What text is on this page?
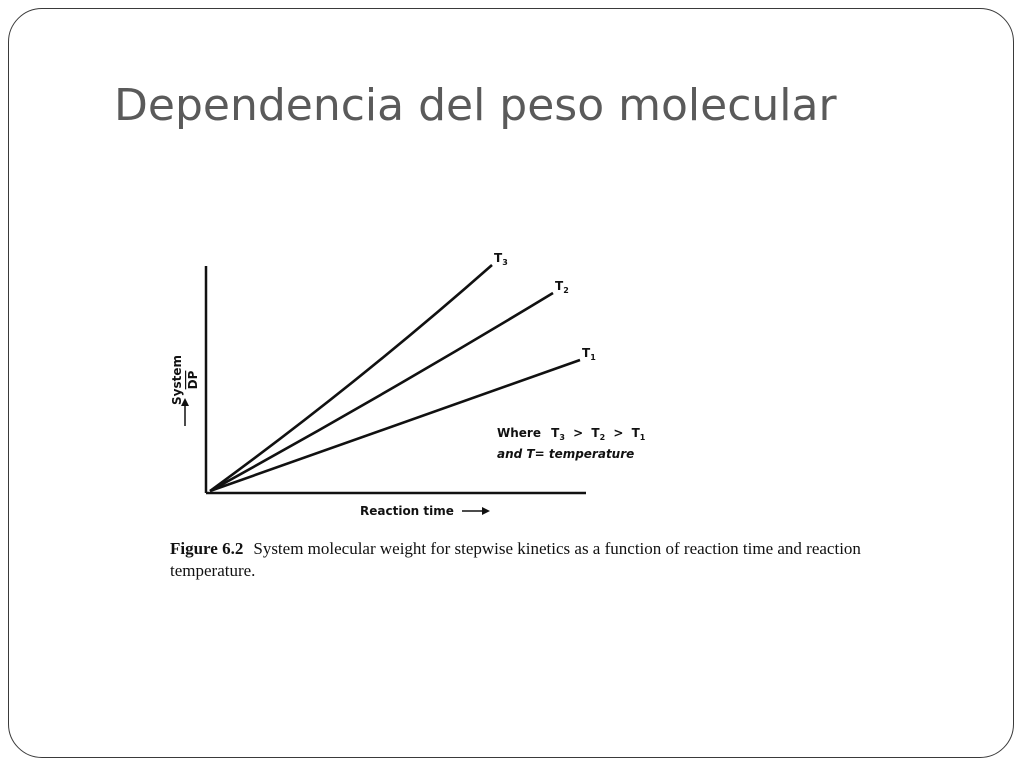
Dependencia del peso molecular
$T_3$
$T_2$
$T_1$
System DP
Reaction time
Where $T_3 > T_2 > T_1$
and T= temperature
Figure 6.2 System molecular weight for stepwise kinetics as a function of reaction time and reaction temperature.
